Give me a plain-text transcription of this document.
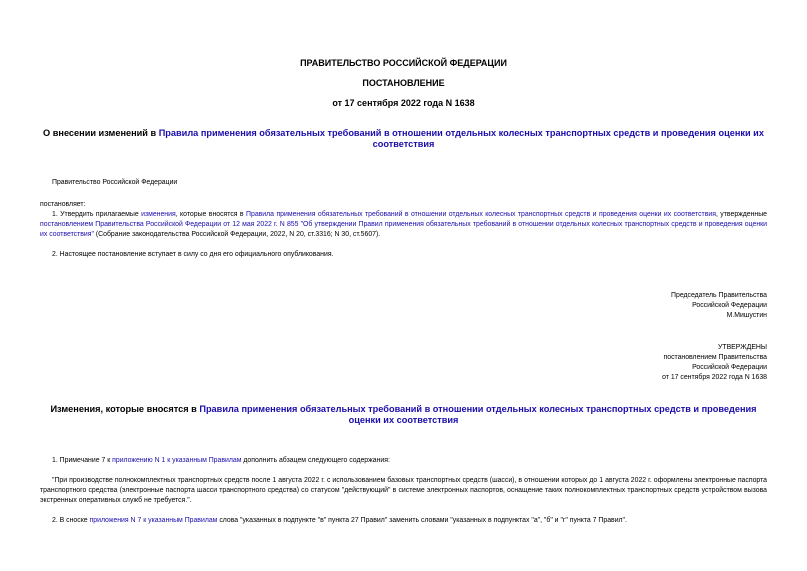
ПРАВИТЕЛЬСТВО РОССИЙСКОЙ ФЕДЕРАЦИИ
ПОСТАНОВЛЕНИЕ
от 17 сентября 2022 года N 1638
О внесении изменений в Правила применения обязательных требований в отношении отдельных колесных транспортных средств и проведения оценки их соответствия
Правительство Российской Федерации
постановляет:
1. Утвердить прилагаемые изменения, которые вносятся в Правила применения обязательных требований в отношении отдельных колесных транспортных средств и проведения оценки их соответствия, утвержденные постановлением Правительства Российской Федерации от 12 мая 2022 г. N 855 "Об утверждении Правил применения обязательных требований в отношении отдельных колесных транспортных средств и проведения оценки их соответствия" (Собрание законодательства Российской Федерации, 2022, N 20, ст.3316; N 30, ст.5607).
2. Настоящее постановление вступает в силу со дня его официального опубликования.
Председатель Правительства
Российской Федерации
М.Мишустин
УТВЕРЖДЕНЫ
постановлением Правительства
Российской Федерации
от 17 сентября 2022 года N 1638
Изменения, которые вносятся в Правила применения обязательных требований в отношении отдельных колесных транспортных средств и проведения оценки их соответствия
1. Примечание 7 к приложению N 1 к указанным Правилам дополнить абзацем следующего содержания:
"При производстве полнокомплектных транспортных средств после 1 августа 2022 г. с использованием базовых транспортных средств (шасси), в отношении которых до 1 августа 2022 г. оформлены электронные паспорта транспортного средства (электронные паспорта шасси транспортного средства) со статусом "действующий" в системе электронных паспортов, оснащение таких полнокомплектных транспортных средств устройством вызова экстренных оперативных служб не требуется.".
2. В сноске приложения N 7 к указанным Правилам слова "указанных в подпункте "в" пункта 27 Правил" заменить словами "указанных в подпунктах "а", "б" и "г" пункта 7 Правил".
